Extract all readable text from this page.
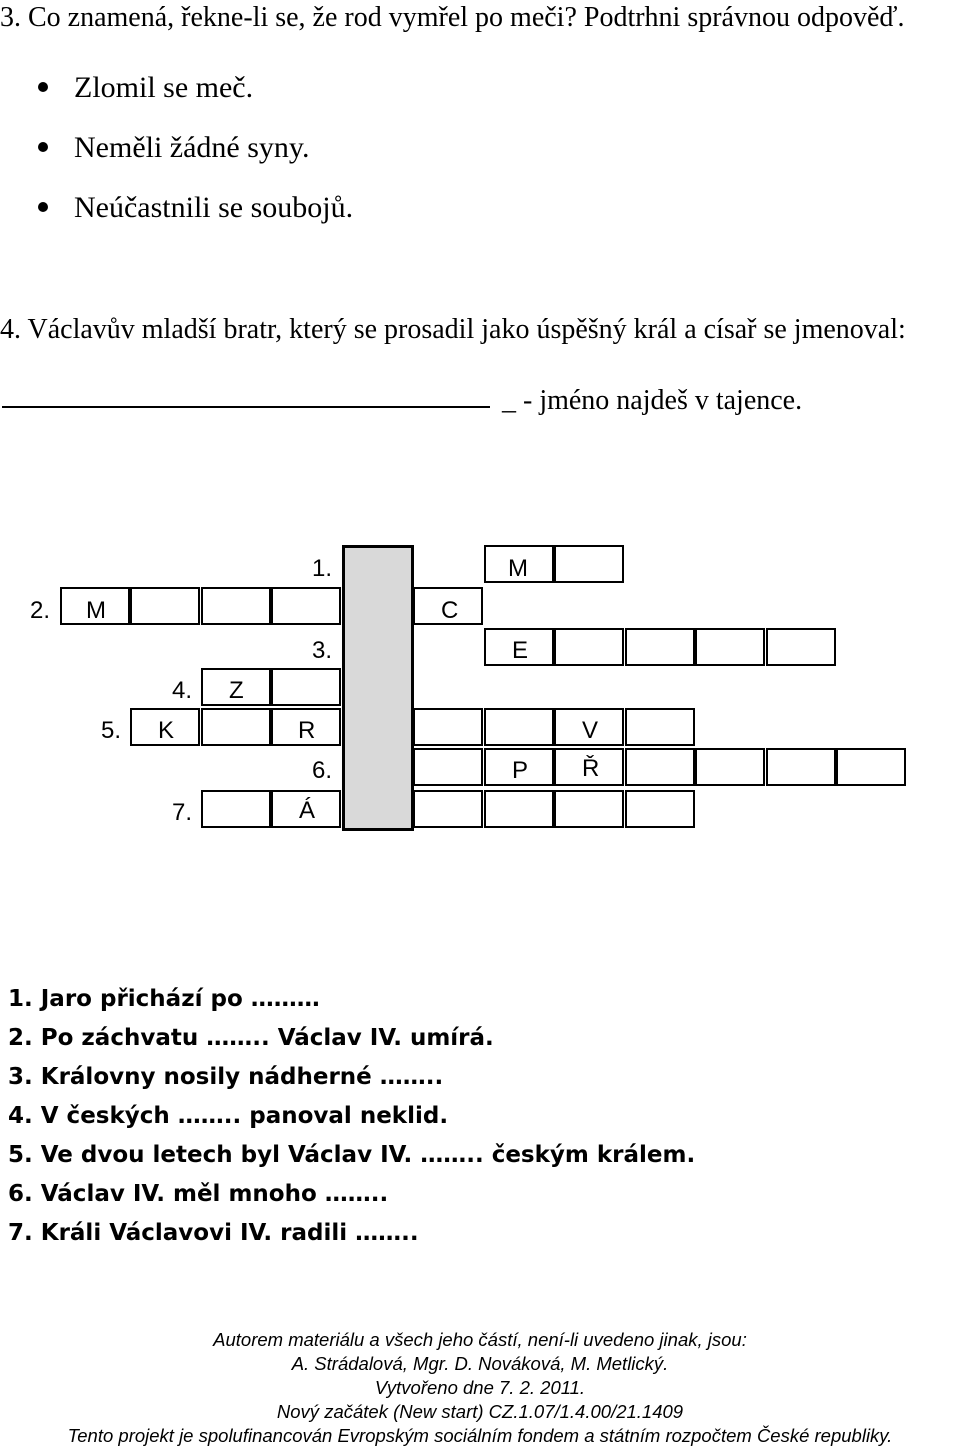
3. Co znamená, řekne-li se, že rod vymřel po meči? Podtrhni správnou odpověď.
Zlomil se meč.
Neměli žádné syny.
Neúčastnili se soubojů.
4. Václavův mladší bratr, který se prosadil jako úspěšný král a císař se jmenoval:
_ - jméno najdeš v tajence.
1.
2.
3.
4.
5.
6.
7.
M
M	C
E
Z
K	R	V
P Ř
Á
1. Jaro přichází po ………
2. Po záchvatu …….. Václav IV. umírá.
3. Královny nosily nádherné ……..
4. V českých …….. panoval neklid.
5. Ve dvou letech byl Václav IV. …….. českým králem.
6. Václav IV. měl mnoho ……..
7. Králi Václavovi IV. radili ……..
Autorem materiálu a všech jeho částí, není-li uvedeno jinak, jsou:
A. Strádalová, Mgr. D. Nováková, M. Metlický.
Vytvořeno dne 7. 2. 2011.
Nový začátek (New start) CZ.1.07/1.4.00/21.1409
Tento projekt je spolufinancován Evropským sociálním fondem a státním rozpočtem České republiky.
